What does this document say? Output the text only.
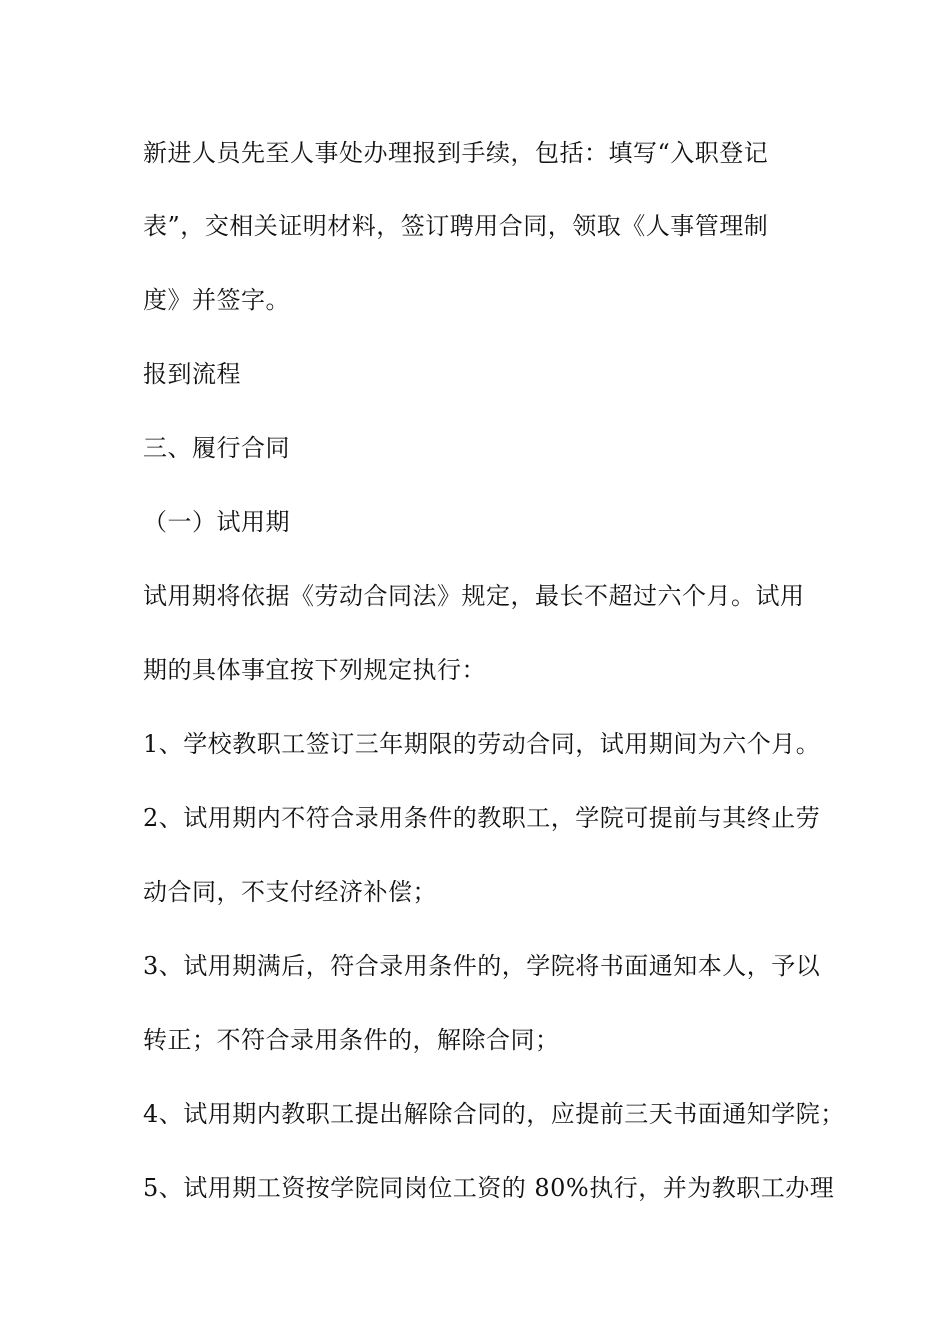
新进人员先至人事处办理报到手续，包括：填写“入职登记

表”，交相关证明材料，签订聘用合同，领取《人事管理制

度》并签字。

报到流程

三、履行合同

（一）试用期

试用期将依据《劳动合同法》规定，最长不超过六个月。试用

期的具体事宜按下列规定执行：

1、学校教职工签订三年期限的劳动合同，试用期间为六个月。

2、试用期内不符合录用条件的教职工，学院可提前与其终止劳

动合同，不支付经济补偿；

3、试用期满后，符合录用条件的，学院将书面通知本人，予以

转正；不符合录用条件的，解除合同；

4、试用期内教职工提出解除合同的，应提前三天书面通知学院；

5、试用期工资按学院同岗位工资的 80%执行，并为教职工办理
